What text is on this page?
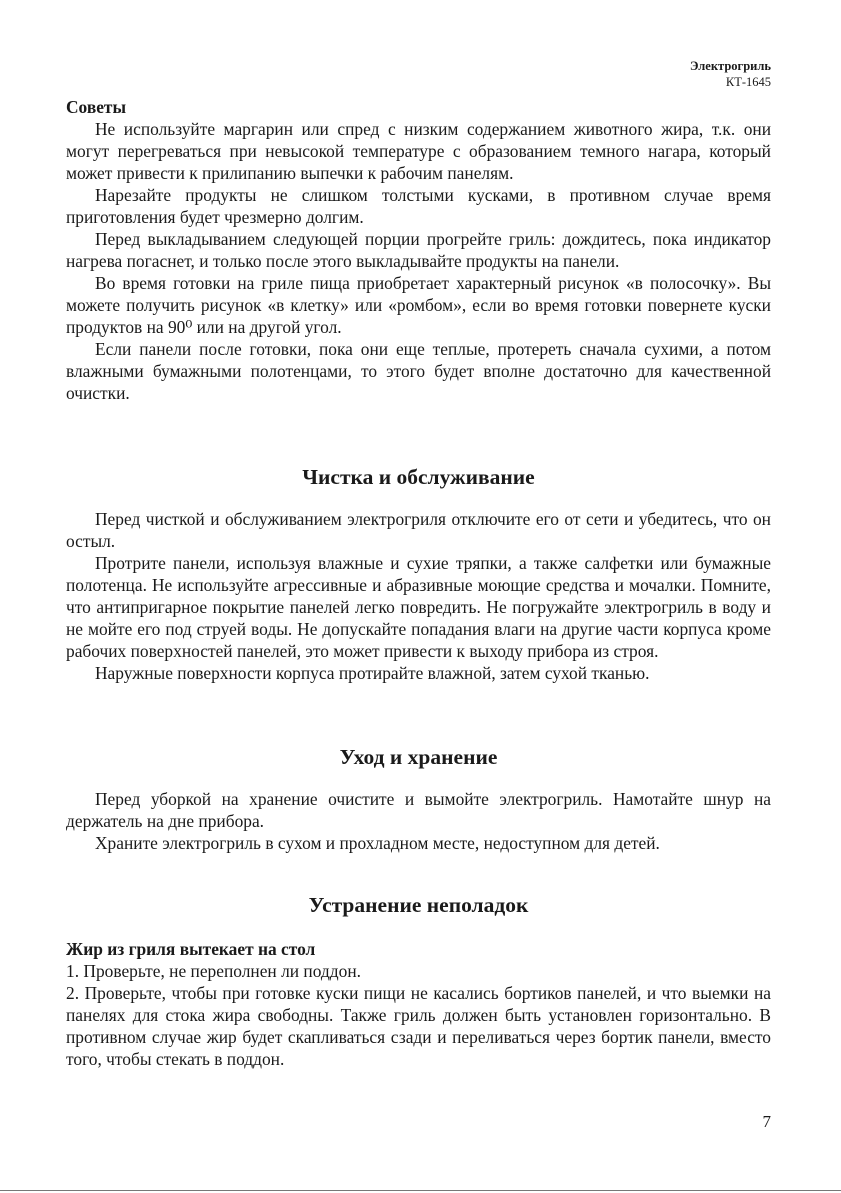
Электрогриль
КТ-1645
Советы

Не используйте маргарин или спред с низким содержанием животного жира, т.к. они могут перегреваться при невысокой температуре с образованием темного нагара, который может привести к прилипанию выпечки к рабочим панелям.

Нарезайте продукты не слишком толстыми кусками, в противном случае время приготовления будет чрезмерно долгим.

Перед выкладыванием следующей порции прогрейте гриль: дождитесь, пока индикатор нагрева погаснет, и только после этого выкладывайте продукты на панели.

Во время готовки на гриле пища приобретает характерный рисунок «в полосочку». Вы можете получить рисунок «в клетку» или «ромбом», если во время готовки повернете куски продуктов на 90⁰ или на другой угол.

Если панели после готовки, пока они еще теплые, протереть сначала сухими, а потом влажными бумажными полотенцами, то этого будет вполне достаточно для качественной очистки.

Чистка и обслуживание

Перед чисткой и обслуживанием электрогриля отключите его от сети и убедитесь, что он остыл.

Протрите панели, используя влажные и сухие тряпки, а также салфетки или бумажные полотенца. Не используйте агрессивные и абразивные моющие средства и мочалки. Помните, что антипригарное покрытие панелей легко повредить. Не погружайте электрогриль в воду и не мойте его под струей воды. Не допускайте попадания влаги на другие части корпуса кроме рабочих поверхностей панелей, это может привести к выходу прибора из строя.

Наружные поверхности корпуса протирайте влажной, затем сухой тканью.

Уход и хранение

Перед уборкой на хранение очистите и вымойте электрогриль. Намотайте шнур на держатель на дне прибора.

Храните электрогриль в сухом и прохладном месте, недоступном для детей.

Устранение неполадок
Жир из гриля вытекает на стол

1. Проверьте, не переполнен ли поддон.

2. Проверьте, чтобы при готовке куски пищи не касались бортиков панелей, и что выемки на панелях для стока жира свободны. Также гриль должен быть установлен горизонтально. В противном случае жир будет скапливаться сзади и переливаться через бортик панели, вместо того, чтобы стекать в поддон.

7
